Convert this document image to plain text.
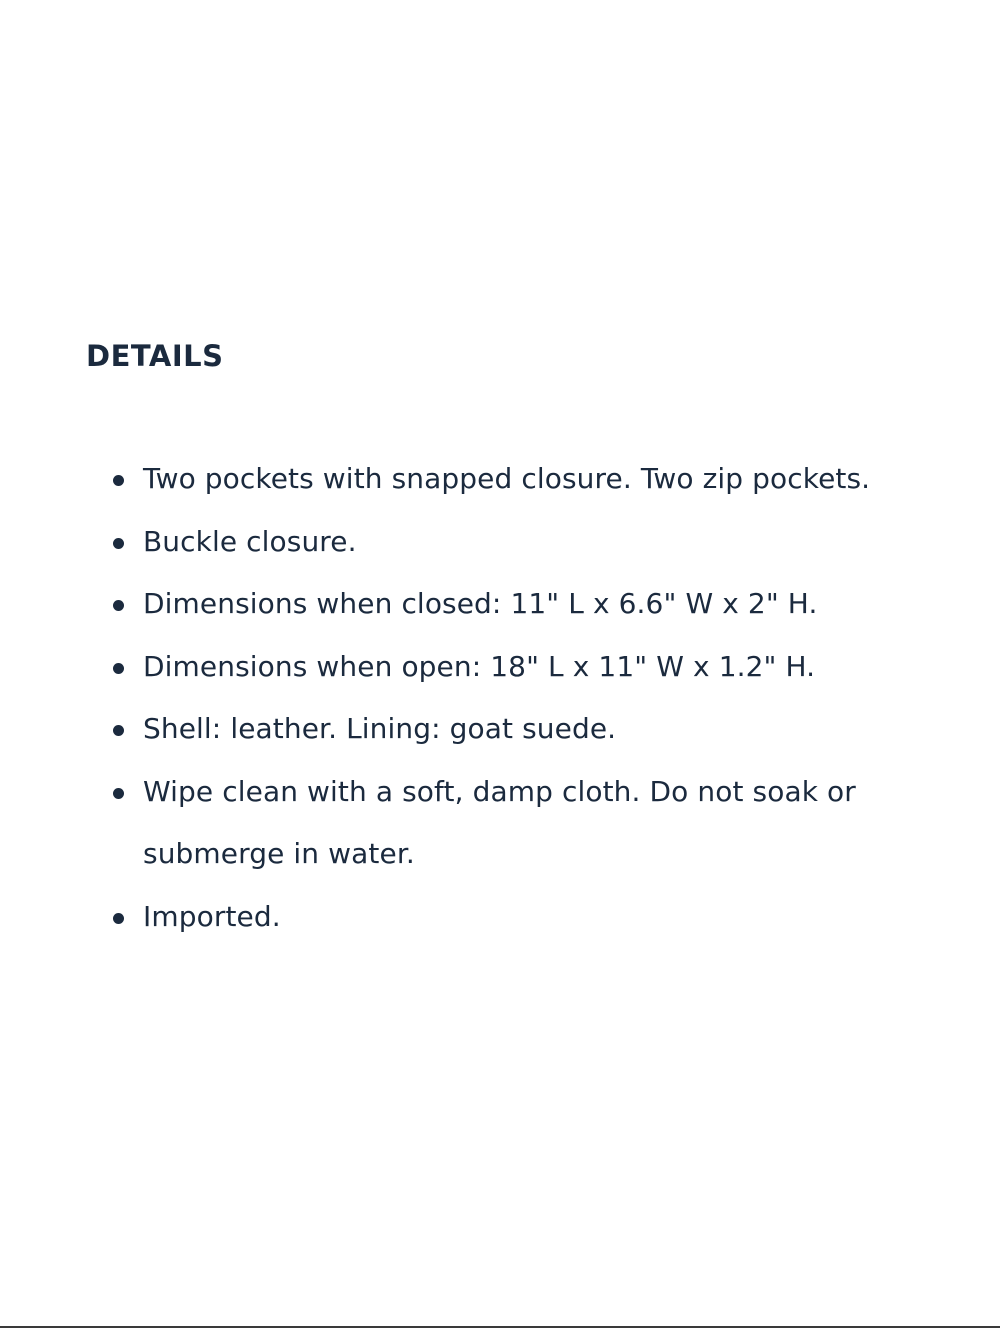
DETAILS
Two pockets with snapped closure. Two zip pockets.
Buckle closure.
Dimensions when closed: 11" L x 6.6" W x 2" H.
Dimensions when open: 18" L x 11" W x 1.2" H.
Shell: leather. Lining: goat suede.
Wipe clean with a soft, damp cloth. Do not soak or submerge in water.
Imported.
